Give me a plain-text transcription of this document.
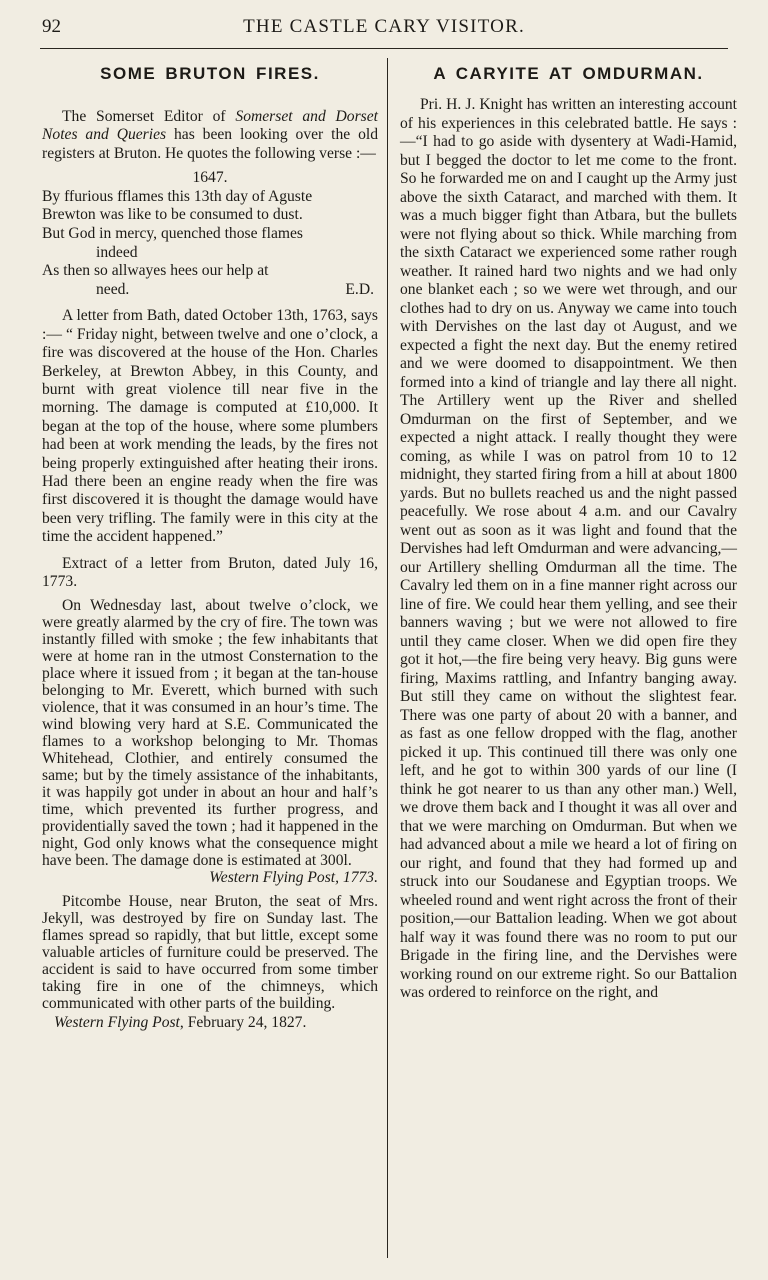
92	THE CASTLE CARY VISITOR.
SOME BRUTON FIRES.

The Somerset Editor of Somerset and Dorset Notes and Queries has been looking over the old registers at Bruton. He quotes the following verse :—

1647.

By ffurious fflames this 13th day of Aguste

Brewton was like to be consumed to dust.

But God in mercy, quenched those flames
indeed

As then so allwayes hees our help at

need.	E.D.

A letter from Bath, dated October 13th, 1763, says :— “ Friday night, between twelve and one o’clock, a fire was discovered at the house of the Hon. Charles Berkeley, at Brewton Abbey, in this County, and burnt with great violence till near five in the morning. The damage is computed at £10,000. It began at the top of the house, where some plumbers had been at work mending the leads, by the fires not being properly extinguished after heating their irons. Had there been an engine ready when the fire was first discovered it is thought the damage would have been very trifling. The family were in this city at the time the accident happened.”

Extract of a letter from Bruton, dated July 16, 1773.

On Wednesday last, about twelve o’clock, we were greatly alarmed by the cry of fire. The town was instantly filled with smoke ; the few inhabitants that were at home ran in the utmost Consternation to the place where it issued from ; it began at the tan-house belonging to Mr. Everett, which burned with such violence, that it was consumed in an hour’s time. The wind blowing very hard at S.E. Communicated the flames to a workshop belonging to Mr. Thomas Whitehead, Clothier, and entirely consumed the same; but by the timely assistance of the inhabitants, it was happily got under in about an hour and half’s time, which prevented its further progress, and providentially saved the town ; had it happened in the night, God only knows what the consequence might have been. The damage done is estimated at 300l.

Western Flying Post, 1773.

Pitcombe House, near Bruton, the seat of Mrs. Jekyll, was destroyed by fire on Sunday last. The flames spread so rapidly, that but little, except some valuable articles of furniture could be preserved. The accident is said to have occurred from some timber taking fire in one of the chimneys, which communicated with other parts of the building.

Western Flying Post, February 24, 1827.

A CARYITE AT OMDURMAN.

Pri. H. J. Knight has written an interesting account of his experiences in this celebrated battle. He says :—“I had to go aside with dysentery at Wadi-Hamid, but I begged the doctor to let me come to the front. So he forwarded me on and I caught up the Army just above the sixth Cataract, and marched with them. It was a much bigger fight than Atbara, but the bullets were not flying about so thick. While marching from the sixth Cataract we experienced some rather rough weather. It rained hard two nights and we had only one blanket each ; so we were wet through, and our clothes had to dry on us. Anyway we came into touch with Dervishes on the last day ot August, and we expected a fight the next day. But the enemy retired and we were doomed to disappointment. We then formed into a kind of triangle and lay there all night. The Artillery went up the River and shelled Omdurman on the first of September, and we expected a night attack. I really thought they were coming, as while I was on patrol from 10 to 12 midnight, they started firing from a hill at about 1800 yards. But no bullets reached us and the night passed peacefully. We rose about 4 a.m. and our Cavalry went out as soon as it was light and found that the Dervishes had left Omdurman and were advancing,—our Artillery shelling Omdurman all the time. The Cavalry led them on in a fine manner right across our line of fire. We could hear them yelling, and see their banners waving ; but we were not allowed to fire until they came closer. When we did open fire they got it hot,—the fire being very heavy. Big guns were firing, Maxims rattling, and Infantry banging away. But still they came on without the slightest fear. There was one party of about 20 with a banner, and as fast as one fellow dropped with the flag, another picked it up. This continued till there was only one left, and he got to within 300 yards of our line (I think he got nearer to us than any other man.) Well, we drove them back and I thought it was all over and that we were marching on Omdurman. But when we had advanced about a mile we heard a lot of firing on our right, and found that they had formed up and struck into our Soudanese and Egyptian troops. We wheeled round and went right across the front of their position,—our Battalion leading. When we got about half way it was found there was no room to put our Brigade in the firing line, and the Dervishes were working round on our extreme right. So our Battalion was ordered to reinforce on the right, and
